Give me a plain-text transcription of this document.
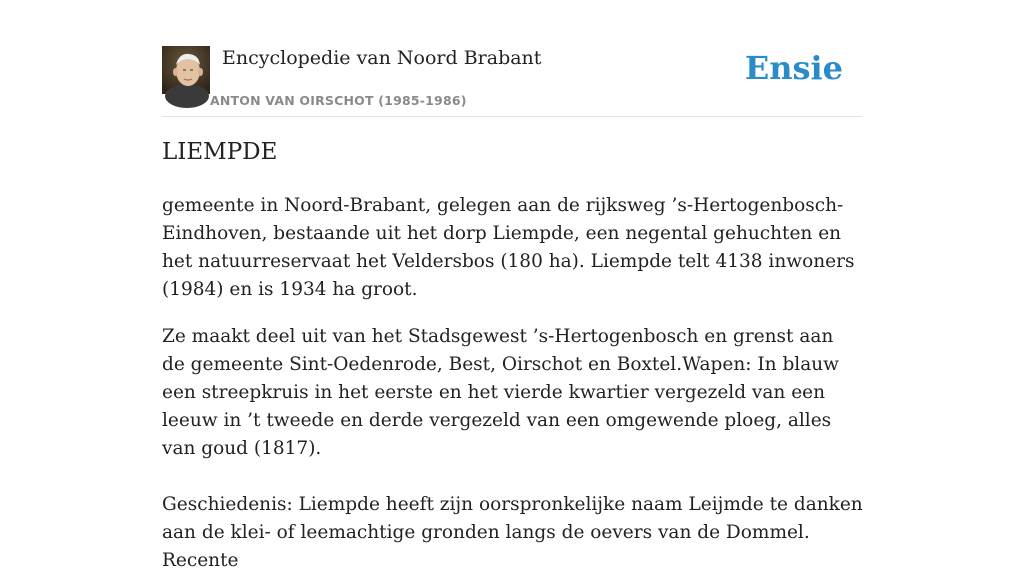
Encyclopedie van Noord Brabant
ANTON VAN OIRSCHOT (1985-1986)
Ensie
LIEMPDE

gemeente in Noord-Brabant, gelegen aan de rijksweg ’s-Hertogenbosch-Eindhoven, bestaande uit het dorp Liempde, een negental gehuchten en het natuurreservaat het Veldersbos (180 ha). Liempde telt 4138 inwoners (1984) en is 1934 ha groot.

Ze maakt deel uit van het Stadsgewest ’s-Hertogenbosch en grenst aan de gemeente Sint-Oedenrode, Best, Oirschot en Boxtel.Wapen: In blauw een streepkruis in het eerste en het vierde kwartier vergezeld van een leeuw in ’t tweede en derde vergezeld van een omgewende ploeg, alles van goud (1817).

Geschiedenis: Liempde heeft zijn oorspronkelijke naam Leijmde te danken aan de klei- of leemachtige gronden langs de oevers van de Dommel. Recente
